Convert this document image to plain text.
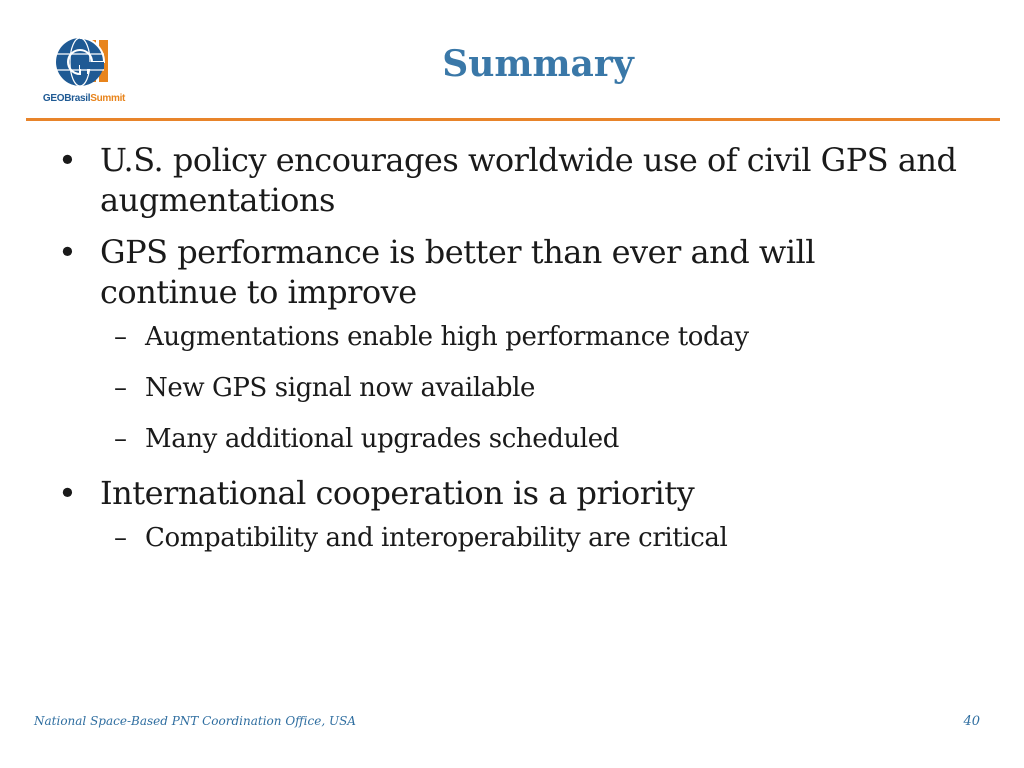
GEOBrasilSummit
Summary
• U.S. policy encourages worldwide use of civil GPS and augmentations
• GPS performance is better than ever and will continue to improve
– Augmentations enable high performance today
– New GPS signal now available
– Many additional upgrades scheduled
• International cooperation is a priority
– Compatibility and interoperability are critical
National Space-Based PNT Coordination Office, USA	40
